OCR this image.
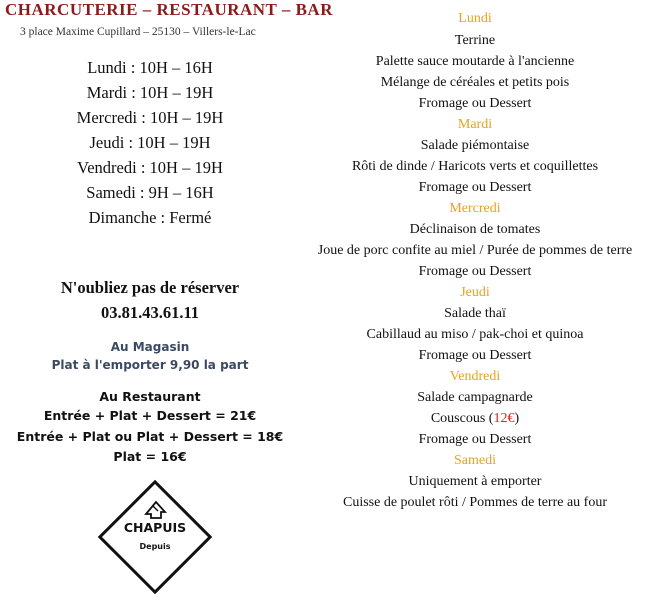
CHARCUTERIE – RESTAURANT – BAR
3 place Maxime Cupillard – 25130 – Villers-le-Lac
Lundi : 10H – 16H
Mardi : 10H – 19H
Mercredi : 10H – 19H
Jeudi : 10H – 19H
Vendredi : 10H – 19H
Samedi : 9H – 16H
Dimanche : Fermé
N'oubliez pas de réserver
03.81.43.61.11
Au Magasin
Plat à l'emporter 9,90 la part
Au Restaurant
Entrée + Plat + Dessert = 21€
Entrée + Plat ou Plat + Dessert = 18€
Plat = 16€
CHAPUIS
Depuis
Lundi
Terrine
Palette sauce moutarde à l'ancienne
Mélange de céréales et petits pois
Fromage ou Dessert
Mardi
Salade piémontaise
Rôti de dinde / Haricots verts et coquillettes
Fromage ou Dessert
Mercredi
Déclinaison de tomates
Joue de porc confite au miel / Purée de pommes de terre
Fromage ou Dessert
Jeudi
Salade thaï
Cabillaud au miso / pak-choi et quinoa
Fromage ou Dessert
Vendredi
Salade campagnarde
Couscous (12€)
Fromage ou Dessert
Samedi
Uniquement à emporter
Cuisse de poulet rôti / Pommes de terre au four
